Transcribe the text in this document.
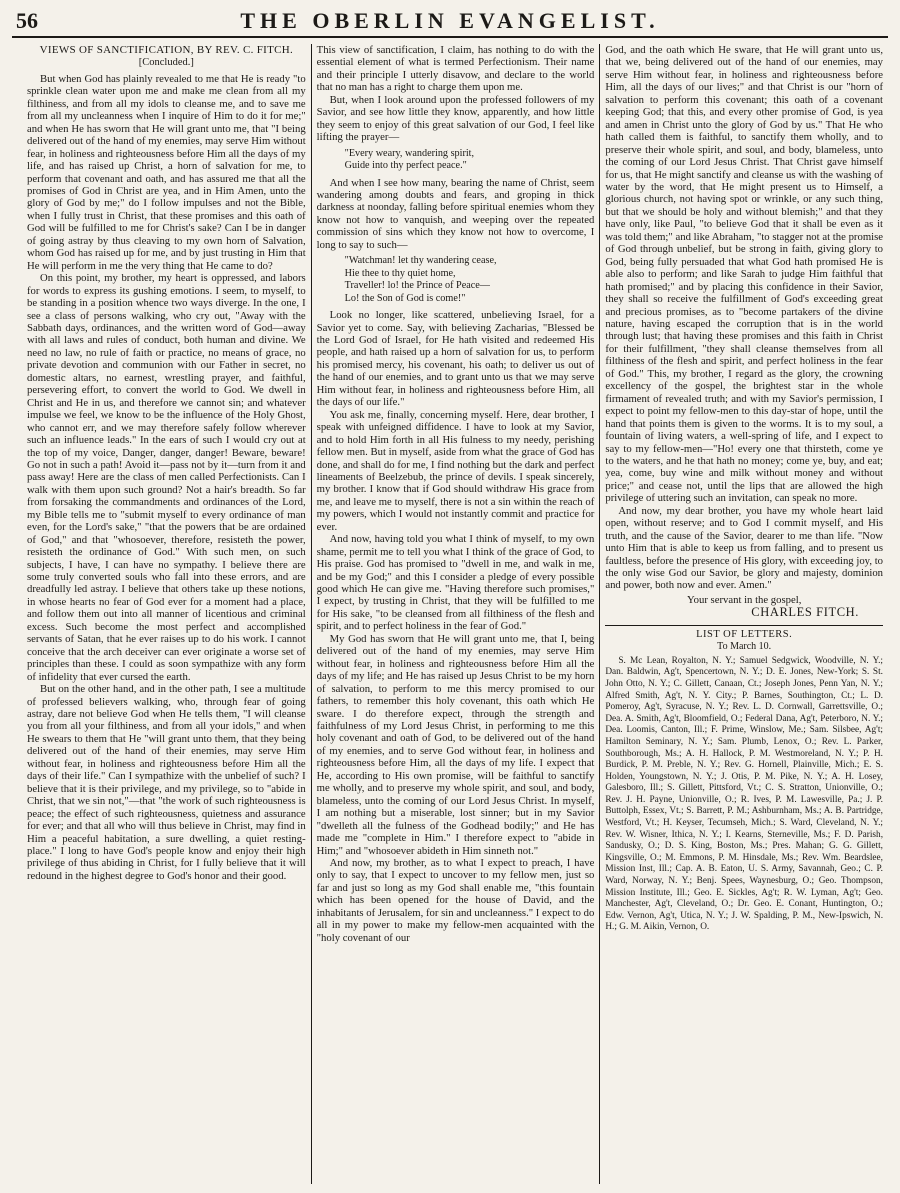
56	THE OBERLIN EVANGELIST.
VIEWS OF SANCTIFICATION, BY REV. C. FITCH.
[Concluded.]

But when God has plainly revealed to me that He is ready "to sprinkle clean water upon me and make me clean from all my filthiness, and from all my idols to cleanse me, and to save me from all my uncleanness when I inquire of Him to do it for me;" and when He has sworn that He will grant unto me, that "I being delivered out of the hand of my enemies, may serve Him without fear, in holiness and righteousness before Him all the days of my life, and has raised up Christ, a horn of salvation for me, to perform that covenant and oath, and has assured me that all the promises of God in Christ are yea, and in Him Amen, unto the glory of God by me;" do I follow impulses and not the Bible, when I fully trust in Christ, that these promises and this oath of God will be fulfilled to me for Christ's sake? Can I be in danger of going astray by thus cleaving to my own horn of Salvation, whom God has raised up for me, and by just trusting in Him that He will perform in me the very thing that He came to do?

On this point, my brother, my heart is oppressed, and labors for words to express its gushing emotions. I seem, to myself, to be standing in a position whence two ways diverge. In the one, I see a class of persons walking, who cry out, "Away with the Sabbath days, ordinances, and the written word of God—away with all laws and rules of conduct, both human and divine. We need no law, no rule of faith or practice, no means of grace, no private devotion and communion with our Father in secret, no domestic altars, no earnest, wrestling prayer, and faithful, persevering effort, to convert the world to God. We dwell in Christ and He in us, and therefore we cannot sin; and whatever impulse we feel, we know to be the influence of the Holy Ghost, who cannot err, and we may therefore safely follow wherever such an influence leads." In the ears of such I would cry out at the top of my voice, Danger, danger, danger! Beware, beware! Go not in such a path! Avoid it—pass not by it—turn from it and pass away! Here are the class of men called Perfectionists. Can I walk with them upon such ground? Not a hair's breadth. So far from forsaking the commandments and ordinances of the Lord, my Bible tells me to "submit myself to every ordinance of man even, for the Lord's sake," "that the powers that be are ordained of God," and that "whosoever, therefore, resisteth the power, resisteth the ordinance of God." With such men, on such subjects, I have, I can have no sympathy. I believe there are some truly converted souls who fall into these errors, and are dreadfully led astray. I believe that others take up these notions, in whose hearts no fear of God ever for a moment had a place, and follow them out into all manner of licentious and criminal excess. Such become the most perfect and accomplished servants of Satan, that he ever raises up to do his work. I cannot conceive that the arch deceiver can ever originate a worse set of principles than these. I could as soon sympathize with any form of infidelity that ever cursed the earth.

But on the other hand, and in the other path, I see a multitude of professed believers walking, who, through fear of going astray, dare not believe God when He tells them, "I will cleanse you from all your filthiness, and from all your idols," and when He swears to them that He "will grant unto them, that they being delivered out of the hand of their enemies, may serve Him without fear, in holiness and righteousness before Him all the days of their life." Can I sympathize with the unbelief of such? I believe that it is their privilege, and my privilege, so to "abide in Christ, that we sin not,"—that "the work of such righteousness is peace; the effect of such righteousness, quietness and assurance for ever; and that all who will thus believe in Christ, may find in Him a peaceful habitation, a sure dwelling, a quiet resting-place." I long to have God's people know and enjoy their high privilege of thus abiding in Christ, for I fully believe that it will redound in the highest degree to God's honor and their good.

This view of sanctification, I claim, has nothing to do with the essential element of what is termed Perfectionism. Their name and their principle I utterly disavow, and declare to the world that no man has a right to charge them upon me.

But, when I look around upon the professed followers of my Savior, and see how little they know, apparently, and how little they seem to enjoy of this great salvation of our God, I feel like lifting the prayer—

"Every weary, wandering spirit,
Guide into thy perfect peace."

And when I see how many, bearing the name of Christ, seem wandering among doubts and fears, and groping in thick darkness at noonday, falling before spiritual enemies whom they know not how to vanquish, and weeping over the repeated commission of sins which they know not how to overcome, I long to say to such—

"Watchman! let thy wandering cease,
Hie thee to thy quiet home,
Traveller! lo! the Prince of Peace—
Lo! the Son of God is come!"

Look no longer, like scattered, unbelieving Israel, for a Savior yet to come. Say, with believing Zacharias, "Blessed be the Lord God of Israel, for He hath visited and redeemed His people, and hath raised up a horn of salvation for us, to perform his promised mercy, his covenant, his oath; to deliver us out of the hand of our enemies, and to grant unto us that we may serve Him without fear, in holiness and righteousness before Him, all the days of our life."

You ask me, finally, concerning myself. Here, dear brother, I speak with unfeigned diffidence. I have to look at my Savior, and to hold Him forth in all His fulness to my needy, perishing fellow men. But in myself, aside from what the grace of God has done, and shall do for me, I find nothing but the dark and perfect lineaments of Beelzebub, the prince of devils. I speak sincerely, my brother. I know that if God should withdraw His grace from me, and leave me to myself, there is not a sin within the reach of my powers, which I would not instantly commit and practice for ever.

And now, having told you what I think of myself, to my own shame, permit me to tell you what I think of the grace of God, to His praise. God has promised to "dwell in me, and walk in me, and be my God;" and this I consider a pledge of every possible good which He can give me. "Having therefore such promises," I expect, by trusting in Christ, that they will be fulfilled to me for His sake, "to be cleansed from all filthiness of the flesh and spirit, and to perfect holiness in the fear of God."

My God has sworn that He will grant unto me, that I, being delivered out of the hand of my enemies, may serve Him without fear, in holiness and righteousness before Him all the days of my life; and He has raised up Jesus Christ to be my horn of salvation, to perform to me this mercy promised to our fathers, to remember this holy covenant, this oath which He sware. I do therefore expect, through the strength and faithfulness of my Lord Jesus Christ, in performing to me this holy covenant and oath of God, to be delivered out of the hand of my enemies, and to serve God without fear, in holiness and righteousness before Him, all the days of my life. I expect that He, according to His own promise, will be faithful to sanctify me wholly, and to preserve my whole spirit, and soul, and body, blameless, unto the coming of our Lord Jesus Christ. In myself, I am nothing but a miserable, lost sinner; but in my Savior "dwelleth all the fulness of the Godhead bodily;" and He has made me "complete in Him." I therefore expect to "abide in Him;" and "whosoever abideth in Him sinneth not."

And now, my brother, as to what I expect to preach, I have only to say, that I expect to uncover to my fellow men, just so far and just so long as my God shall enable me, "this fountain which has been opened for the house of David, and the inhabitants of Jerusalem, for sin and uncleanness." I expect to do all in my power to make my fellow-men acquainted with the "holy covenant of our

God, and the oath which He sware, that He will grant unto us, that we, being delivered out of the hand of our enemies, may serve Him without fear, in holiness and righteousness before Him, all the days of our lives;" and that Christ is our "horn of salvation to perform this covenant; this oath of a covenant keeping God; that this, and every other promise of God, is yea and amen in Christ unto the glory of God by us." That He who hath called them is faithful, to sanctify them wholly, and to preserve their whole spirit, and soul, and body, blameless, unto the coming of our Lord Jesus Christ. That Christ gave himself for us, that He might sanctify and cleanse us with the washing of water by the word, that He might present us to Himself, a glorious church, not having spot or wrinkle, or any such thing, but that we should be holy and without blemish;" and that they have only, like Paul, "to believe God that it shall be even as it was told them;" and like Abraham, "to stagger not at the promise of God through unbelief, but be strong in faith, giving glory to God, being fully persuaded that what God hath promised He is able also to perform; and like Sarah to judge Him faithful that hath promised;" and by placing this confidence in their Savior, they shall so receive the fulfillment of God's exceeding great and precious promises, as to "become partakers of the divine nature, having escaped the corruption that is in the world through lust; that having these promises and this faith in Christ for their fulfillment, "they shall cleanse themselves from all filthiness of the flesh and spirit, and perfect holiness in the fear of God." This, my brother, I regard as the glory, the crowning excellency of the gospel, the brightest star in the whole firmament of revealed truth; and with my Savior's permission, I expect to point my fellow-men to this day-star of hope, until the hand that points them is given to the worms. It is to my soul, a fountain of living waters, a well-spring of life, and I expect to say to my fellow-men—"Ho! every one that thirsteth, come ye to the waters, and he that hath no money; come ye, buy, and eat; yea, come, buy wine and milk without money and without price;" and cease not, until the lips that are allowed the high privilege of uttering such an invitation, can speak no more.

And now, my dear brother, you have my whole heart laid open, without reserve; and to God I commit myself, and His truth, and the cause of the Savior, dearer to me than life. "Now unto Him that is able to keep us from falling, and to present us faultless, before the presence of His glory, with exceeding joy, to the only wise God our Savior, be glory and majesty, dominion and power, both now and ever. Amen."

Your servant in the gospel,
CHARLES FITCH.
LIST OF LETTERS.
To March 10.

S. Mc Lean, Royalton, N. Y.; Samuel Sedgwick, Woodville, N. Y.; Dan. Baldwin, Ag't, Spencertown, N. Y.; D. E. Jones, New-York; S. St. John Otto, N. Y.; C. Gillett, Canaan, Ct.; Joseph Jones, Penn Yan, N. Y.; Alfred Smith, Ag't, N. Y. City.; P. Barnes, Southington, Ct.; L. D. Pomeroy, Ag't, Syracuse, N. Y.; Rev. L. D. Cornwall, Garrettsville, O.; Dea. A. Smith, Ag't, Bloomfield, O.; Federal Dana, Ag't, Peterboro, N. Y.; Dea. Loomis, Canton, Ill.; F. Prime, Winslow, Me.; Sam. Silsbee, Ag't; Hamilton Seminary, N. Y.; Sam. Plumb, Lenox, O.; Rev. L. Parker, Southborough, Ms.; A. H. Hallock, P. M. Westmoreland, N. Y.; P. H. Burdick, P. M. Preble, N. Y.; Rev. G. Hornell, Plainville, Mich.; E. S. Holden, Youngstown, N. Y.; J. Otis, P. M. Pike, N. Y.; A. H. Losey, Galesboro, Ill.; S. Gillett, Pittsford, Vt.; C. S. Stratton, Unionville, O.; Rev. J. H. Payne, Unionville, O.; R. Ives, P. M. Lawesville, Pa.; J. P. Buttolph, Essex, Vt.; S. Barrett, P. M.; Ashburnham, Ms.; A. B. Partridge, Westford, Vt.; H. Keyser, Tecumseh, Mich.; S. Ward, Cleveland, N. Y.; Rev. W. Wisner, Ithica, N. Y.; I. Kearns, Sterneville, Ms.; F. D. Parish, Sandusky, O.; D. S. King, Boston, Ms.; Pres. Mahan; G. G. Gillett, Kingsville, O.; M. Emmons, P. M. Hinsdale, Ms.; Rev. Wm. Beardslee, Mission Inst, Ill.; Cap. A. B. Eaton, U. S. Army, Savannah, Geo.; C. P. Ward, Norway, N. Y.; Benj. Spees, Waynesburg, O.; Geo. Thompson, Mission Institute, Ill.; Geo. E. Sickles, Ag't; R. W. Lyman, Ag't; Geo. Manchester, Ag't, Cleveland, O.; Dr. Geo. E. Conant, Huntington, O.; Edw. Vernon, Ag't, Utica, N. Y.; J. W. Spalding, P. M., New-Ipswich, N. H.; G. M. Aikin, Vernon, O.
